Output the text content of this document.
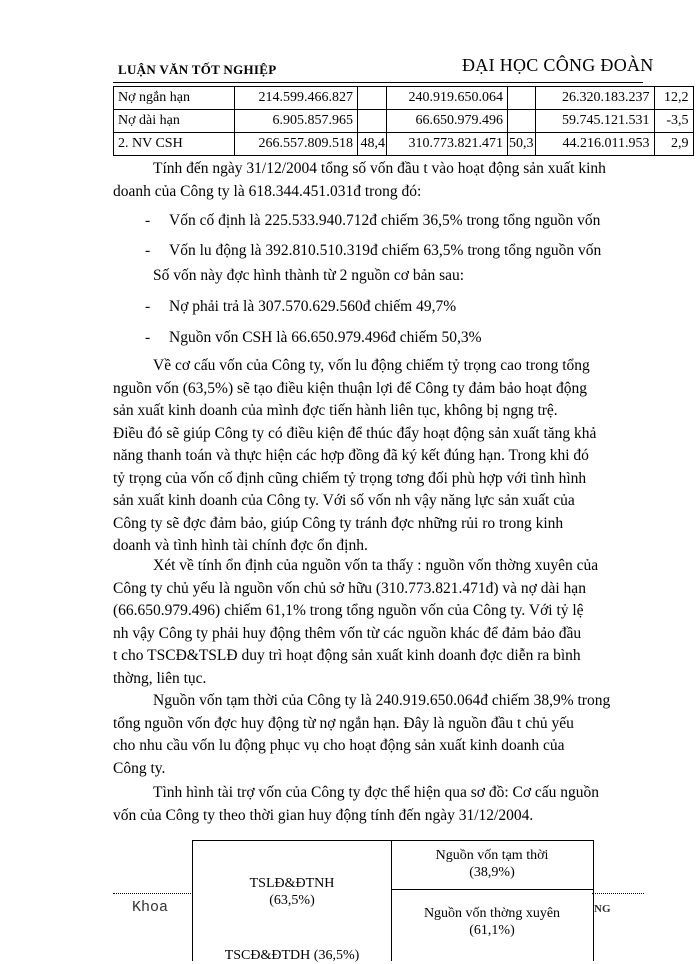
LUẬN VĂN TỐT NGHIỆP	ĐẠI HỌC CÔNG ĐOÀN
Nợ ngắn hạn	214.599.466.827		240.919.650.064		26.320.183.237	12,2
Nợ dài hạn	6.905.857.965		66.650.979.496		59.745.121.531	-3,5
2. NV CSH	266.557.809.518	48,4	310.773.821.471	50,3	44.216.011.953	2,9

Tính đến ngày 31/12/2004 tổng số vốn đầu t vào hoạt động sản xuất kinh

doanh của Công ty là 618.344.451.031đ trong đó:

- Vốn cố định là 225.533.940.712đ chiếm 36,5% trong tổng nguồn vốn
- Vốn lu động là 392.810.510.319đ chiếm 63,5% trong tổng nguồn vốn
Số vốn này đợc hình thành từ 2 nguồn cơ bản sau:
- Nợ phải trả là 307.570.629.560đ chiếm 49,7%
- Nguồn vốn CSH là 66.650.979.496đ chiếm 50,3%

Về cơ cấu vốn của Công ty, vốn lu động chiếm tỷ trọng cao trong tổng

nguồn vốn (63,5%) sẽ tạo điều kiện thuận lợi để Công ty đảm bảo hoạt động

sản xuất kinh doanh của mình đợc tiến hành liên tục, không bị ngng trệ.

Điều đó sẽ giúp Công ty có điều kiện để thúc đẩy hoạt động sản xuất tăng khả

năng thanh toán và thực hiện các hợp đồng đã ký kết đúng hạn. Trong khi đó

tỷ trọng của vốn cố định cũng chiếm tỷ trọng tơng đối phù hợp với tình hình

sản xuất kinh doanh của Công ty. Với số vốn nh vậy năng lực sản xuất của

Công ty sẽ đợc đảm bảo, giúp Công ty tránh đợc những rủi ro trong kinh

doanh và tình hình tài chính đợc ổn định.

Xét về tính ổn định của nguồn vốn ta thấy : nguồn vốn thờng xuyên của

Công ty chủ yếu là nguồn vốn chủ sở hữu (310.773.821.471đ) và nợ dài hạn

(66.650.979.496) chiếm 61,1% trong tổng nguồn vốn của Công ty. Với tỷ lệ

nh vậy Công ty phải huy động thêm vốn từ các nguồn khác để đảm bảo đầu

t cho TSCĐ&TSLĐ duy trì hoạt động sản xuất kinh doanh đợc diễn ra bình

thờng, liên tục.

Nguồn vốn tạm thời của Công ty là 240.919.650.064đ chiếm 38,9% trong

tổng nguồn vốn đợc huy động từ nợ ngắn hạn. Đây là nguồn đầu t chủ yếu

cho nhu cầu vốn lu động phục vụ cho hoạt động sản xuất kinh doanh của

Công ty.

Tình hình tài trợ vốn của Công ty đợc thể hiện qua sơ đồ: Cơ cấu nguồn

vốn của Công ty theo thời gian huy động tính đến ngày 31/12/2004.

TSLĐ&ĐTNH
(63,5%)
TSCĐ&ĐTDH (36,5%)
Nguồn vốn tạm thời
(38,9%)
Nguồn vốn thờng xuyên
(61,1%)
Khoa	NG
